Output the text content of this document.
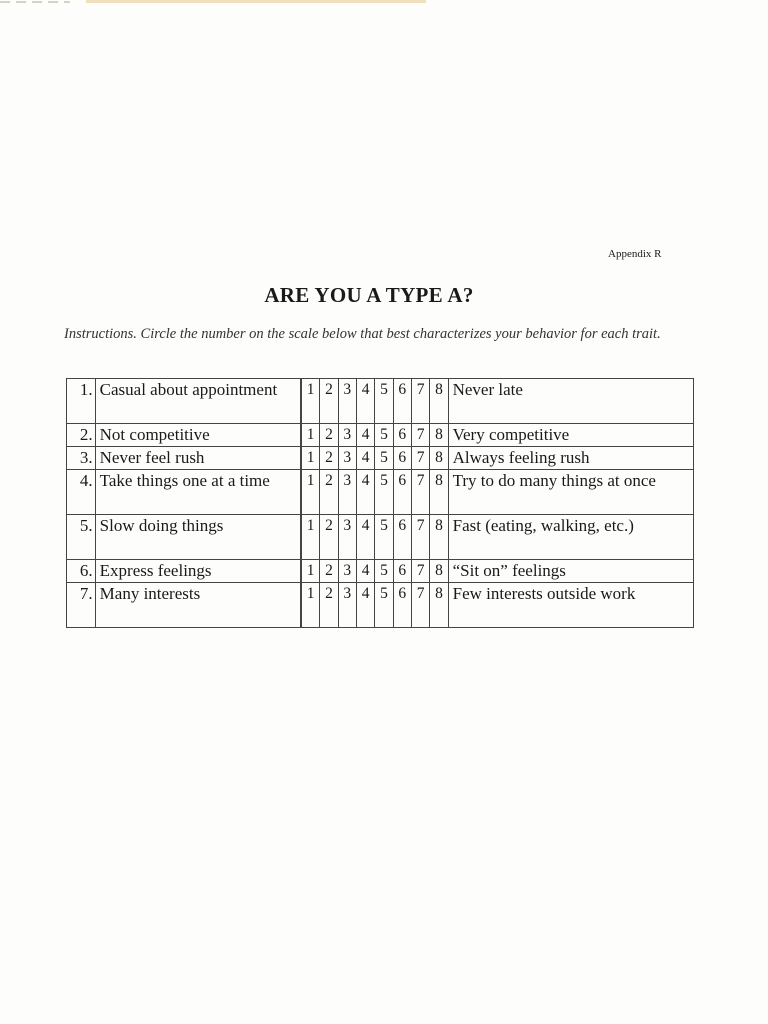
Appendix R
ARE YOU A TYPE A?
Instructions. Circle the number on the scale below that best characterizes your behavior for each trait.
1.	Casual about appointment	1	2	3	4	5	6	7	8	Never late
2.	Not competitive	1	2	3	4	5	6	7	8	Very competitive
3.	Never feel rush	1	2	3	4	5	6	7	8	Always feeling rush
4.	Take things one at a time	1	2	3	4	5	6	7	8	Try to do many things at once
5.	Slow doing things	1	2	3	4	5	6	7	8	Fast (eating, walking, etc.)
6.	Express feelings	1	2	3	4	5	6	7	8	“Sit on” feelings
7.	Many interests	1	2	3	4	5	6	7	8	Few interests outside work
